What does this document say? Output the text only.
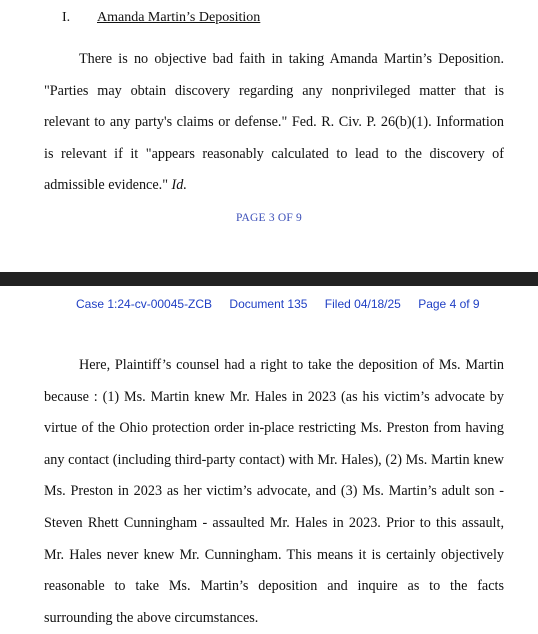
I. Amanda Martin’s Deposition

There is no objective bad faith in taking Amanda Martin’s Deposition. "Parties may obtain discovery regarding any nonprivileged matter that is relevant to any party's claims or defense." Fed. R. Civ. P. 26(b)(1). Information is relevant if it "appears reasonably calculated to lead to the discovery of admissible evidence." Id.

PAGE 3 OF 9
Case 1:24-cv-00045-ZCB Document 135 Filed 04/18/25 Page 4 of 9

Here, Plaintiff’s counsel had a right to take the deposition of Ms. Martin because : (1) Ms. Martin knew Mr. Hales in 2023 (as his victim’s advocate by virtue of the Ohio protection order in-place restricting Ms. Preston from having any contact (including third-party contact) with Mr. Hales), (2) Ms. Martin knew Ms. Preston in 2023 as her victim’s advocate, and (3) Ms. Martin’s adult son - Steven Rhett Cunningham - assaulted Mr. Hales in 2023. Prior to this assault, Mr. Hales never knew Mr. Cunningham. This means it is certainly objectively reasonable to take Ms. Martin’s deposition and inquire as to the facts surrounding the above circumstances.
